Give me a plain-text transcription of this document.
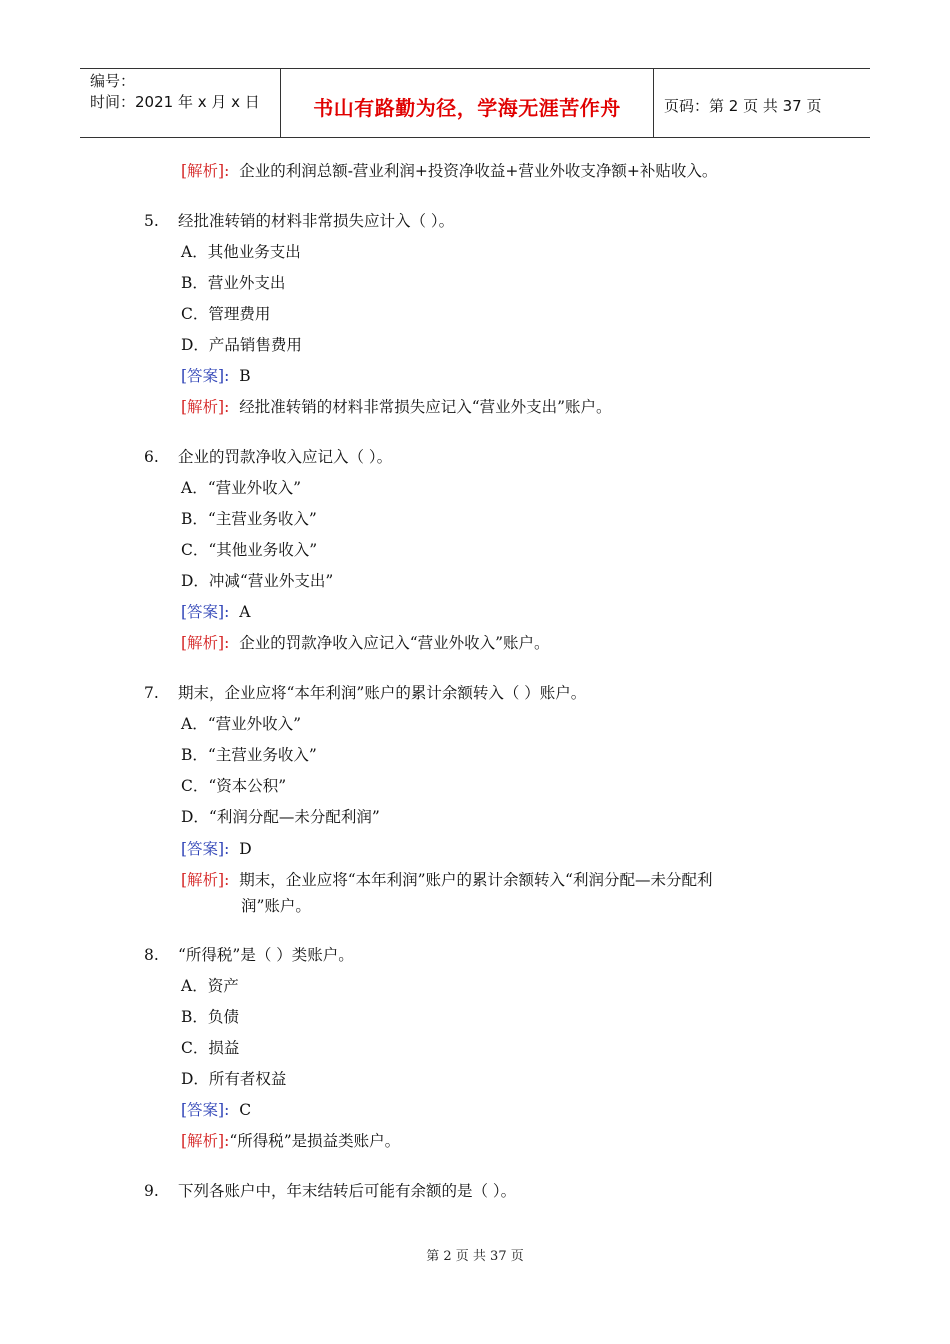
编号：
时间：2021 年 x 月 x 日	书山有路勤为径，学海无涯苦作舟	页码：第 2 页 共 37 页
[解析]: 企业的利润总额-营业利润+投资净收益+营业外收支净额+补贴收入。
5. 经批准转销的材料非常损失应计入（ ）。
A．其他业务支出
B．营业外支出
C．管理费用
D．产品销售费用
[答案]: B
[解析]: 经批准转销的材料非常损失应记入“营业外支出”账户。
6. 企业的罚款净收入应记入（ ）。
A．“营业外收入”
B．“主营业务收入”
C．“其他业务收入”
D．冲减“营业外支出”
[答案]: A
[解析]: 企业的罚款净收入应记入“营业外收入”账户。
7. 期末，企业应将“本年利润”账户的累计余额转入（ ）账户。
A．“营业外收入”
B．“主营业务收入”
C．“资本公积”
D．“利润分配—未分配利润”
[答案]: D
[解析]: 期末，企业应将“本年利润”账户的累计余额转入“利润分配—未分配利
润”账户。
8. “所得税”是（ ）类账户。
A．资产
B．负债
C．损益
D．所有者权益
[答案]: C
[解析]:“所得税”是损益类账户。
9. 下列各账户中，年末结转后可能有余额的是（ ）。
第 2 页 共 37 页
